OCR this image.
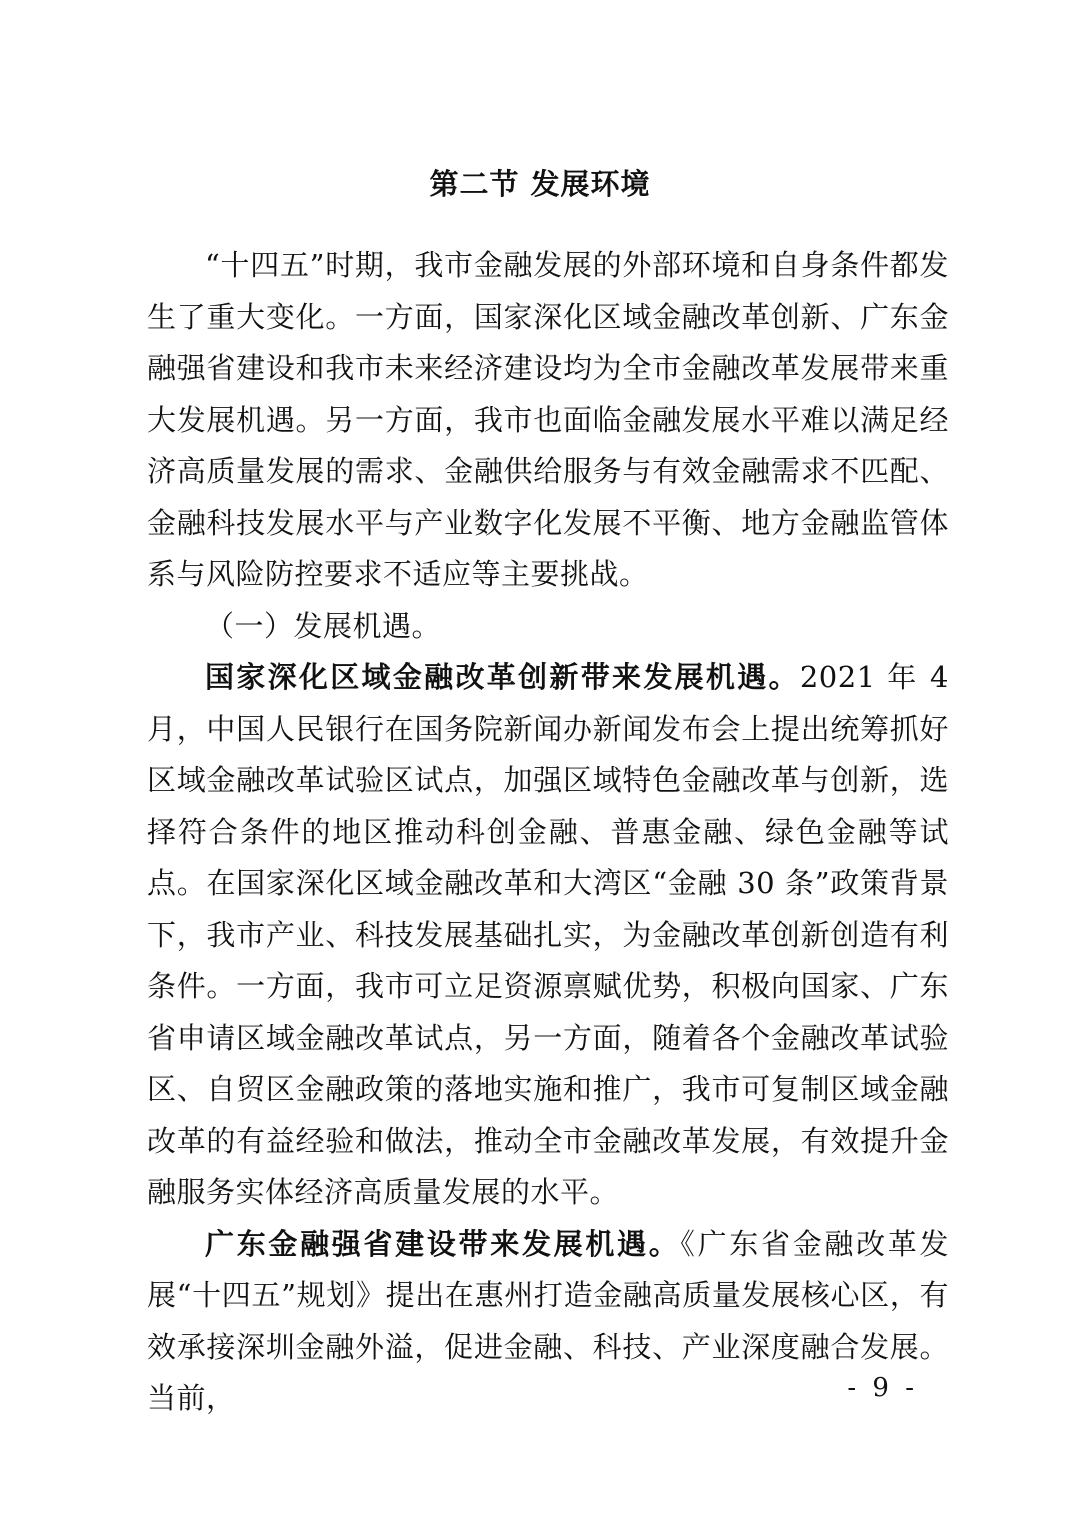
第二节 发展环境

“十四五”时期，我市金融发展的外部环境和自身条件都发生了重大变化。一方面，国家深化区域金融改革创新、广东金融强省建设和我市未来经济建设均为全市金融改革发展带来重大发展机遇。另一方面，我市也面临金融发展水平难以满足经济高质量发展的需求、金融供给服务与有效金融需求不匹配、金融科技发展水平与产业数字化发展不平衡、地方金融监管体系与风险防控要求不适应等主要挑战。

（一）发展机遇。

国家深化区域金融改革创新带来发展机遇。2021 年 4 月，中国人民银行在国务院新闻办新闻发布会上提出统筹抓好区域金融改革试验区试点，加强区域特色金融改革与创新，选择符合条件的地区推动科创金融、普惠金融、绿色金融等试点。在国家深化区域金融改革和大湾区“金融 30 条”政策背景下，我市产业、科技发展基础扎实，为金融改革创新创造有利条件。一方面，我市可立足资源禀赋优势，积极向国家、广东省申请区域金融改革试点，另一方面，随着各个金融改革试验区、自贸区金融政策的落地实施和推广，我市可复制区域金融改革的有益经验和做法，推动全市金融改革发展，有效提升金融服务实体经济高质量发展的水平。

广东金融强省建设带来发展机遇。《广东省金融改革发展“十四五”规划》提出在惠州打造金融高质量发展核心区，有效承接深圳金融外溢，促进金融、科技、产业深度融合发展。当前，	- 9 -
